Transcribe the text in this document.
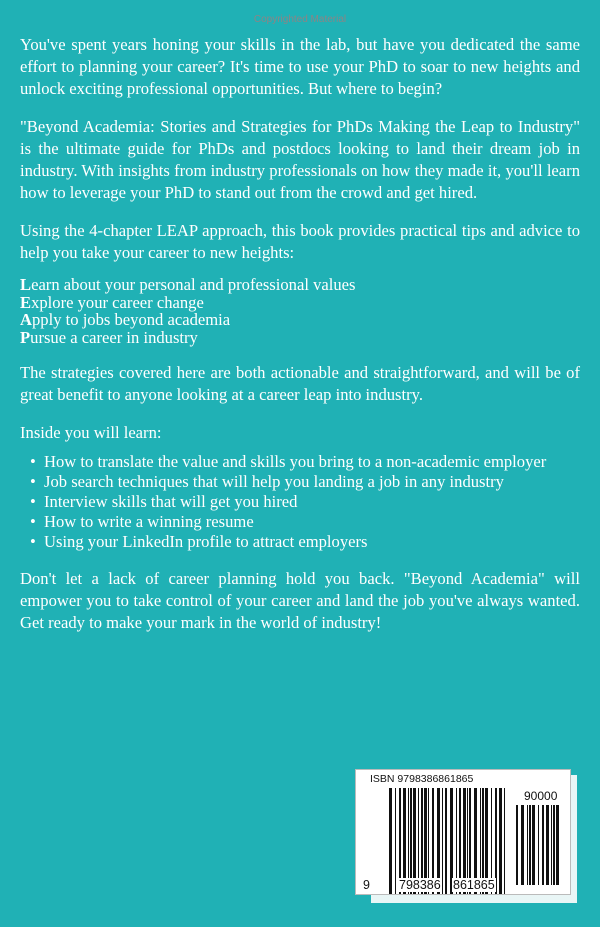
Copyrighted Material

You've spent years honing your skills in the lab, but have you dedicated the same effort to planning your career? It's time to use your PhD to soar to new heights and unlock exciting professional opportunities. But where to begin?

"Beyond Academia: Stories and Strategies for PhDs Making the Leap to Industry" is the ultimate guide for PhDs and postdocs looking to land their dream job in industry. With insights from industry professionals on how they made it, you'll learn how to leverage your PhD to stand out from the crowd and get hired.

Using the 4-chapter LEAP approach, this book provides practical tips and advice to help you take your career to new heights:

Learn about your personal and professional values
Explore your career change
Apply to jobs beyond academia
Pursue a career in industry

The strategies covered here are both actionable and straightforward, and will be of great benefit to anyone looking at a career leap into industry.

Inside you will learn:

• How to translate the value and skills you bring to a non-academic employer
• Job search techniques that will help you landing a job in any industry
• Interview skills that will get you hired
• How to write a winning resume
• Using your LinkedIn profile to attract employers

Don't let a lack of career planning hold you back. "Beyond Academia" will empower you to take control of your career and land the job you've always wanted. Get ready to make your mark in the world of industry!

ISBN 9798386861865
90000
9 798386 861865
